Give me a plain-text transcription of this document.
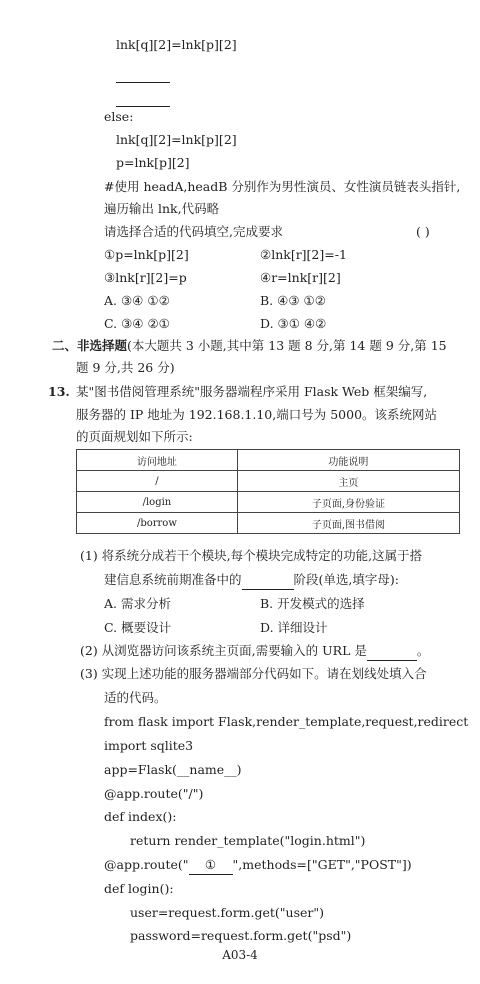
lnk[q][2]=lnk[p][2]

else:
lnk[q][2]=lnk[p][2]
p=lnk[p][2]
#使用 headA,headB 分别作为男性演员、女性演员链表头指针,
遍历输出 lnk,代码略
请选择合适的代码填空,完成要求	( )
①p=lnk[p][2]	②lnk[r][2]=-1
③lnk[r][2]=p	④r=lnk[r][2]
A. ③④ ①②	B. ④③ ①②
C. ③④ ②①	D. ③① ④②
二、非选择题(本大题共 3 小题,其中第 13 题 8 分,第 14 题 9 分,第 15
题 9 分,共 26 分)
13. 某"图书借阅管理系统"服务器端程序采用 Flask Web 框架编写,
服务器的 IP 地址为 192.168.1.10,端口号为 5000。该系统网站
的页面规划如下所示:
访问地址	功能说明
/	主页
/login	子页面,身份验证
/borrow	子页面,图书借阅
(1) 将系统分成若干个模块,每个模块完成特定的功能,这属于搭
建信息系统前期准备中的	阶段(单选,填字母):
A. 需求分析	B. 开发模式的选择
C. 概要设计	D. 详细设计
(2) 从浏览器访问该系统主页面,需要输入的 URL 是	。
(3) 实现上述功能的服务器端部分代码如下。请在划线处填入合
适的代码。
from flask import Flask,render_template,request,redirect
import sqlite3
app=Flask(__name__)
@app.route("/")
def index():
return render_template("login.html")
@app.route(" ① ",methods=["GET","POST"])
def login():
user=request.form.get("user")
password=request.form.get("psd")
A03-4
